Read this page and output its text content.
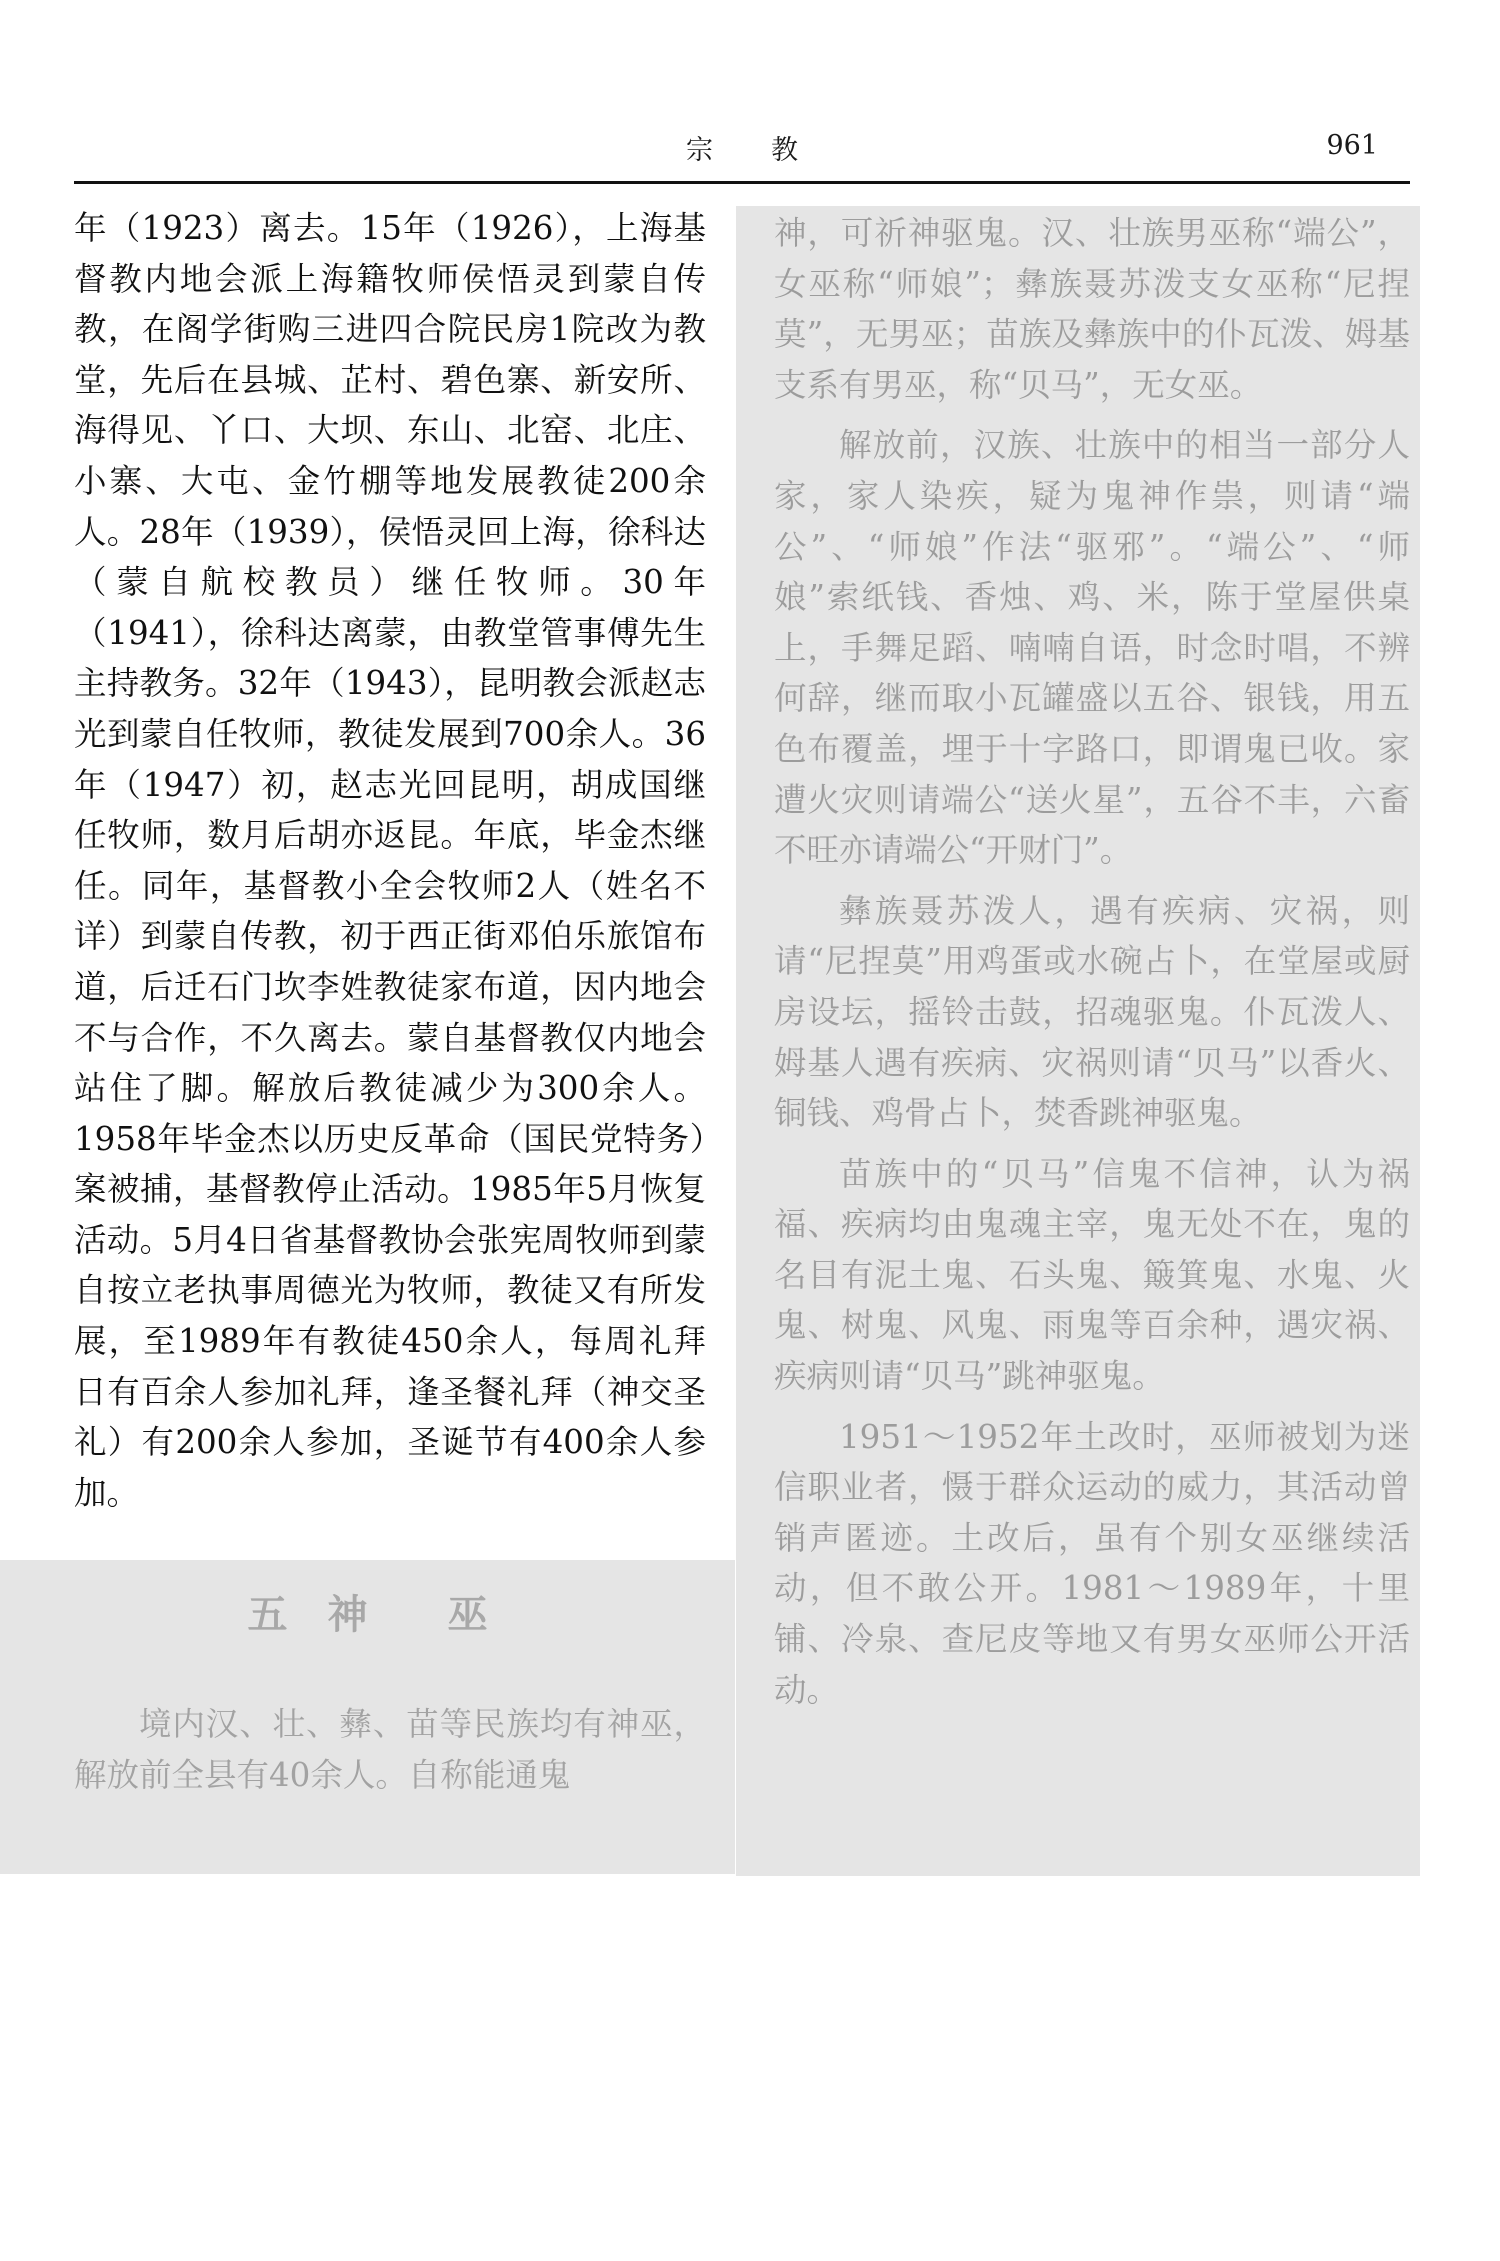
宗教	961

年（1923）离去。15年（1926），上海基督教内地会派上海籍牧师侯悟灵到蒙自传教，在阁学街购三进四合院民房1院改为教堂，先后在县城、芷村、碧色寨、新安所、海得见、丫口、大坝、东山、北窑、北庄、小寨、大屯、金竹棚等地发展教徒200余人。28年（1939），侯悟灵回上海，徐科达（蒙自航校教员）继任牧师。30年（1941），徐科达离蒙，由教堂管事傅先生主持教务。32年（1943），昆明教会派赵志光到蒙自任牧师，教徒发展到700余人。36年（1947）初，赵志光回昆明，胡成国继任牧师，数月后胡亦返昆。年底，毕金杰继任。同年，基督教小全会牧师2人（姓名不详）到蒙自传教，初于西正街邓伯乐旅馆布道，后迁石门坎李姓教徒家布道，因内地会不与合作，不久离去。蒙自基督教仅内地会站住了脚。解放后教徒减少为300余人。1958年毕金杰以历史反革命（国民党特务）案被捕，基督教停止活动。1985年5月恢复活动。5月4日省基督教协会张宪周牧师到蒙自按立老执事周德光为牧师，教徒又有所发展，至1989年有教徒450余人，每周礼拜日有百余人参加礼拜，逢圣餐礼拜（神交圣礼）有200余人参加，圣诞节有400余人参加。

五　神　　巫

境内汉、壮、彝、苗等民族均有神巫，解放前全县有40余人。自称能通鬼

神，可祈神驱鬼。汉、壮族男巫称“端公”，女巫称“师娘”；彝族聂苏泼支女巫称“尼捏莫”，无男巫；苗族及彝族中的仆瓦泼、姆基支系有男巫，称“贝马”，无女巫。

解放前，汉族、壮族中的相当一部分人家，家人染疾，疑为鬼神作祟，则请“端公”、“师娘”作法“驱邪”。“端公”、“师娘”索纸钱、香烛、鸡、米，陈于堂屋供桌上，手舞足蹈、喃喃自语，时念时唱，不辨何辞，继而取小瓦罐盛以五谷、银钱，用五色布覆盖，埋于十字路口，即谓鬼已收。家遭火灾则请端公“送火星”，五谷不丰，六畜不旺亦请端公“开财门”。

彝族聂苏泼人，遇有疾病、灾祸，则请“尼捏莫”用鸡蛋或水碗占卜，在堂屋或厨房设坛，摇铃击鼓，招魂驱鬼。仆瓦泼人、姆基人遇有疾病、灾祸则请“贝马”以香火、铜钱、鸡骨占卜，焚香跳神驱鬼。

苗族中的“贝马”信鬼不信神，认为祸福、疾病均由鬼魂主宰，鬼无处不在，鬼的名目有泥土鬼、石头鬼、簸箕鬼、水鬼、火鬼、树鬼、风鬼、雨鬼等百余种，遇灾祸、疾病则请“贝马”跳神驱鬼。

1951～1952年土改时，巫师被划为迷信职业者，慑于群众运动的威力，其活动曾销声匿迹。土改后，虽有个别女巫继续活动，但不敢公开。1981～1989年，十里铺、冷泉、查尼皮等地又有男女巫师公开活动。
